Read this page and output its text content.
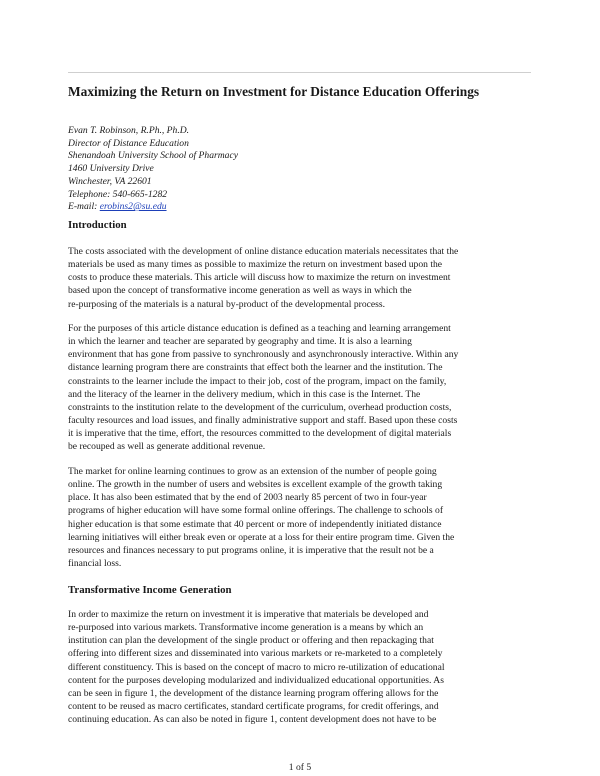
Maximizing the Return on Investment for Distance Education Offerings
Evan T. Robinson, R.Ph., Ph.D.
Director of Distance Education
Shenandoah University School of Pharmacy
1460 University Drive
Winchester, VA 22601
Telephone: 540-665-1282
E-mail: erobins2@su.edu
Introduction
The costs associated with the development of online distance education materials necessitates that the
materials be used as many times as possible to maximize the return on investment based upon the
costs to produce these materials. This article will discuss how to maximize the return on investment
based upon the concept of transformative income generation as well as ways in which the
re-purposing of the materials is a natural by-product of the developmental process.
For the purposes of this article distance education is defined as a teaching and learning arrangement
in which the learner and teacher are separated by geography and time. It is also a learning
environment that has gone from passive to synchronously and asynchronously interactive. Within any
distance learning program there are constraints that effect both the learner and the institution. The
constraints to the learner include the impact to their job, cost of the program, impact on the family,
and the literacy of the learner in the delivery medium, which in this case is the Internet. The
constraints to the institution relate to the development of the curriculum, overhead production costs,
faculty resources and load issues, and finally administrative support and staff. Based upon these costs
it is imperative that the time, effort, the resources committed to the development of digital materials
be recouped as well as generate additional revenue.
The market for online learning continues to grow as an extension of the number of people going
online. The growth in the number of users and websites is excellent example of the growth taking
place. It has also been estimated that by the end of 2003 nearly 85 percent of two in four-year
programs of higher education will have some formal online offerings. The challenge to schools of
higher education is that some estimate that 40 percent or more of independently initiated distance
learning initiatives will either break even or operate at a loss for their entire program time. Given the
resources and finances necessary to put programs online, it is imperative that the result not be a
financial loss.
Transformative Income Generation
In order to maximize the return on investment it is imperative that materials be developed and
re-purposed into various markets. Transformative income generation is a means by which an
institution can plan the development of the single product or offering and then repackaging that
offering into different sizes and disseminated into various markets or re-marketed to a completely
different constituency. This is based on the concept of macro to micro re-utilization of educational
content for the purposes developing modularized and individualized educational opportunities. As
can be seen in figure 1, the development of the distance learning program offering allows for the
content to be reused as macro certificates, standard certificate programs, for credit offerings, and
continuing education. As can also be noted in figure 1, content development does not have to be
1 of 5
